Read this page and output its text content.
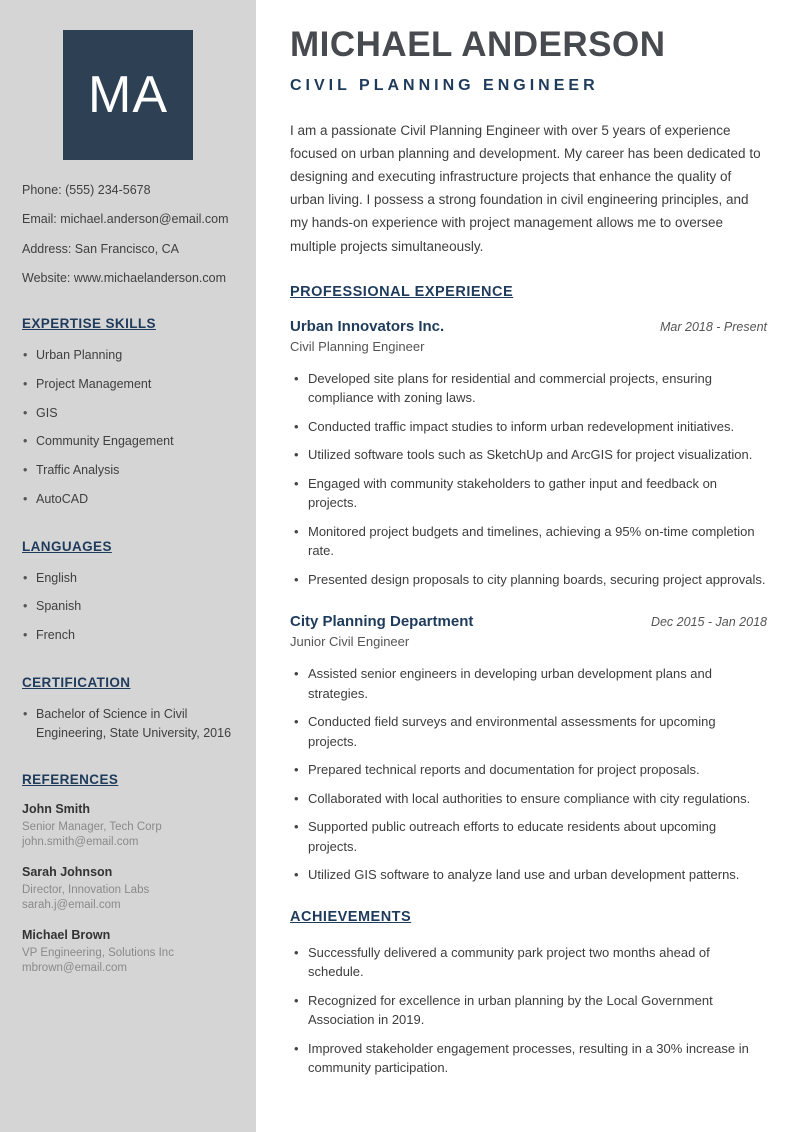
MA

Phone: (555) 234-5678

Email: michael.anderson@email.com

Address: San Francisco, CA

Website: www.michaelanderson.com

EXPERTISE SKILLS
• Urban Planning
• Project Management
• GIS
• Community Engagement
• Traffic Analysis
• AutoCAD
LANGUAGES
• English
• Spanish
• French
CERTIFICATION
• Bachelor of Science in Civil Engineering, State University, 2016
REFERENCES

John Smith

Senior Manager, Tech Corp

john.smith@email.com

Sarah Johnson

Director, Innovation Labs

sarah.j@email.com

Michael Brown

VP Engineering, Solutions Inc

mbrown@email.com

MICHAEL ANDERSON
CIVIL PLANNING ENGINEER

I am a passionate Civil Planning Engineer with over 5 years of experience focused on urban planning and development. My career has been dedicated to designing and executing infrastructure projects that enhance the quality of urban living. I possess a strong foundation in civil engineering principles, and my hands-on experience with project management allows me to oversee multiple projects simultaneously.

PROFESSIONAL EXPERIENCE
Urban Innovators Inc.	Mar 2018 - Present

Civil Planning Engineer

• Developed site plans for residential and commercial projects, ensuring compliance with zoning laws.
• Conducted traffic impact studies to inform urban redevelopment initiatives.
• Utilized software tools such as SketchUp and ArcGIS for project visualization.
• Engaged with community stakeholders to gather input and feedback on projects.
• Monitored project budgets and timelines, achieving a 95% on-time completion rate.
• Presented design proposals to city planning boards, securing project approvals.
City Planning Department	Dec 2015 - Jan 2018

Junior Civil Engineer

• Assisted senior engineers in developing urban development plans and strategies.
• Conducted field surveys and environmental assessments for upcoming projects.
• Prepared technical reports and documentation for project proposals.
• Collaborated with local authorities to ensure compliance with city regulations.
• Supported public outreach efforts to educate residents about upcoming projects.
• Utilized GIS software to analyze land use and urban development patterns.
ACHIEVEMENTS
• Successfully delivered a community park project two months ahead of schedule.
• Recognized for excellence in urban planning by the Local Government Association in 2019.
• Improved stakeholder engagement processes, resulting in a 30% increase in community participation.
